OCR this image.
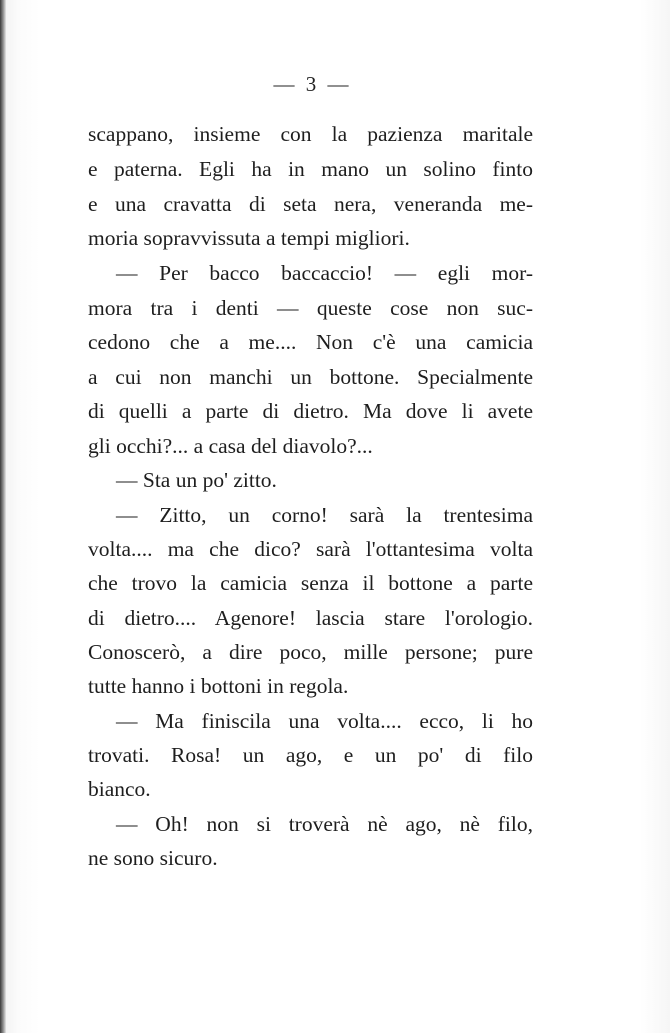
— 3 —
scappano, insieme con la pazienza maritale
e paterna. Egli ha in mano un solino finto
e una cravatta di seta nera, veneranda me-
moria sopravvissuta a tempi migliori.
— Per bacco baccaccio! — egli mor-
mora tra i denti — queste cose non suc-
cedono che a me.... Non c'è una camicia
a cui non manchi un bottone. Specialmente
di quelli a parte di dietro. Ma dove li avete
gli occhi?... a casa del diavolo?...
— Sta un po' zitto.
— Zitto, un corno! sarà la trentesima
volta.... ma che dico? sarà l'ottantesima volta
che trovo la camicia senza il bottone a parte
di dietro.... Agenore! lascia stare l'orologio.
Conoscerò, a dire poco, mille persone; pure
tutte hanno i bottoni in regola.
— Ma finiscila una volta.... ecco, li ho
trovati. Rosa! un ago, e un po' di filo
bianco.
— Oh! non si troverà nè ago, nè filo,
ne sono sicuro.
